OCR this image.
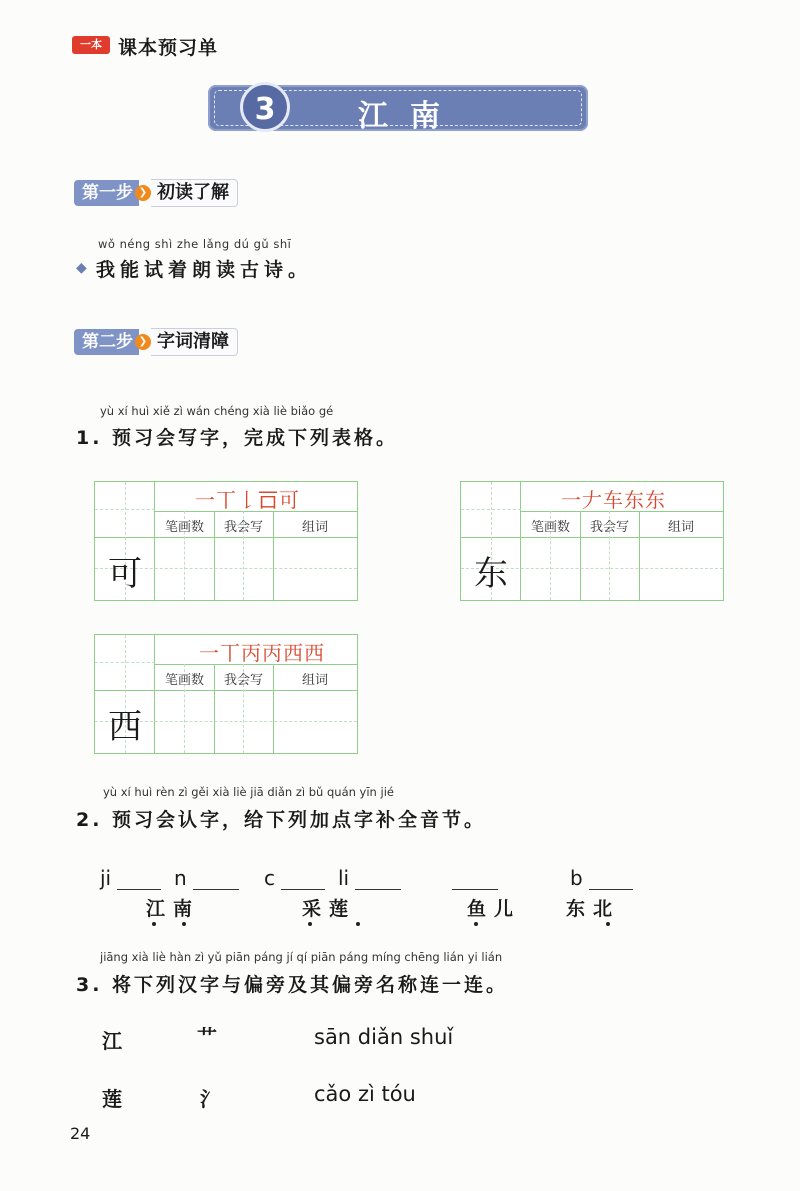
一本 课本预习单
3	江南
第一步 ❯ 初读了解
wǒ néng shì zhe lǎng dú gǔ shī
◆ 我能试着朗读古诗。
第二步 ❯ 字词清障
yù xí huì xiě zì wán chéng xià liè biǎo gé
1. 预习会写字，完成下列表格。
一丅𠄌𠮛可
笔画数	我会写	组词
可
一𠂇车东东
笔画数	我会写	组词
东
一丅丙丙西西
笔画数	我会写	组词
西
yù xí huì rèn zì gěi xià liè jiā diǎn zì bǔ quán yīn jié
2. 预习会认字，给下列加点字补全音节。
ji	n	c	li	b
江南	采莲	鱼儿 东北
jiāng xià liè hàn zì yǔ piān páng jí qí piān páng míng chēng lián yi lián
3. 将下列汉字与偏旁及其偏旁名称连一连。
江
莲
艹
氵
sān diǎn shuǐ
cǎo zì tóu
24
